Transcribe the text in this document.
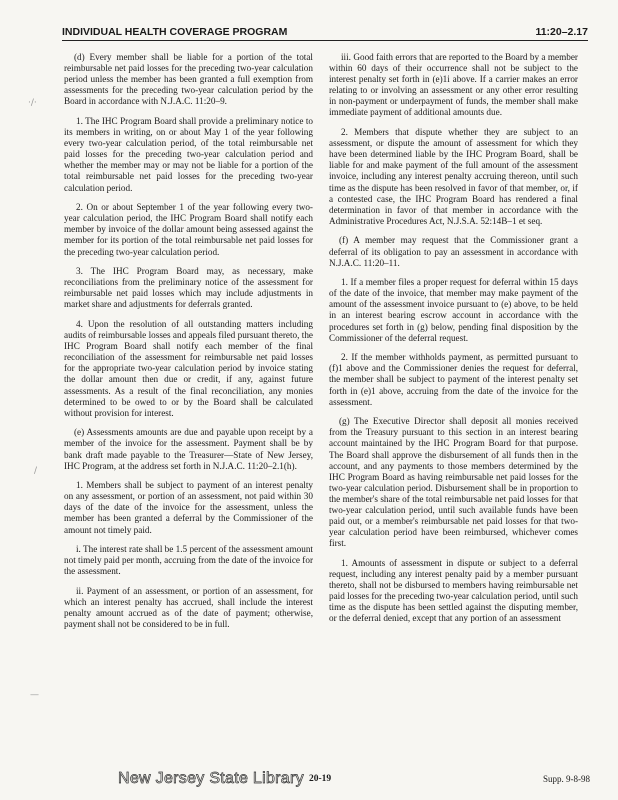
INDIVIDUAL HEALTH COVERAGE PROGRAM	11:20–2.17
·∕·
∕
—

(d) Every member shall be liable for a portion of the total reimbursable net paid losses for the preceding two-year calculation period unless the member has been granted a full exemption from assessments for the preceding two-year calculation period by the Board in accordance with N.J.A.C. 11:20–9.

1. The IHC Program Board shall provide a preliminary notice to its members in writing, on or about May 1 of the year following every two-year calculation period, of the total reimbursable net paid losses for the preceding two-year calculation period and whether the member may or may not be liable for a portion of the total reimbursable net paid losses for the preceding two-year calculation period.

2. On or about September 1 of the year following every two-year calculation period, the IHC Program Board shall notify each member by invoice of the dollar amount being assessed against the member for its portion of the total reimbursable net paid losses for the preceding two-year calculation period.

3. The IHC Program Board may, as necessary, make reconciliations from the preliminary notice of the assessment for reimbursable net paid losses which may include adjustments in market share and adjustments for deferrals granted.

4. Upon the resolution of all outstanding matters including audits of reimbursable losses and appeals filed pursuant thereto, the IHC Program Board shall notify each member of the final reconciliation of the assessment for reimbursable net paid losses for the appropriate two-year calculation period by invoice stating the dollar amount then due or credit, if any, against future assessments. As a result of the final reconciliation, any monies determined to be owed to or by the Board shall be calculated without provision for interest.

(e) Assessments amounts are due and payable upon receipt by a member of the invoice for the assessment. Payment shall be by bank draft made payable to the Treasurer—State of New Jersey, IHC Program, at the address set forth in N.J.A.C. 11:20–2.1(h).

1. Members shall be subject to payment of an interest penalty on any assessment, or portion of an assessment, not paid within 30 days of the date of the invoice for the assessment, unless the member has been granted a deferral by the Commissioner of the amount not timely paid.

i. The interest rate shall be 1.5 percent of the assessment amount not timely paid per month, accruing from the date of the invoice for the assessment.

ii. Payment of an assessment, or portion of an assessment, for which an interest penalty has accrued, shall include the interest penalty amount accrued as of the date of payment; otherwise, payment shall not be considered to be in full.

iii. Good faith errors that are reported to the Board by a member within 60 days of their occurrence shall not be subject to the interest penalty set forth in (e)1i above. If a carrier makes an error relating to or involving an assessment or any other error resulting in non-payment or underpayment of funds, the member shall make immediate payment of additional amounts due.

2. Members that dispute whether they are subject to an assessment, or dispute the amount of assessment for which they have been determined liable by the IHC Program Board, shall be liable for and make payment of the full amount of the assessment invoice, including any interest penalty accruing thereon, until such time as the dispute has been resolved in favor of that member, or, if a contested case, the IHC Program Board has rendered a final determination in favor of that member in accordance with the Administrative Procedures Act, N.J.S.A. 52:14B–1 et seq.

(f) A member may request that the Commissioner grant a deferral of its obligation to pay an assessment in accordance with N.J.A.C. 11:20–11.

1. If a member files a proper request for deferral within 15 days of the date of the invoice, that member may make payment of the amount of the assessment invoice pursuant to (e) above, to be held in an interest bearing escrow account in accordance with the procedures set forth in (g) below, pending final disposition by the Commissioner of the deferral request.

2. If the member withholds payment, as permitted pursuant to (f)1 above and the Commissioner denies the request for deferral, the member shall be subject to payment of the interest penalty set forth in (e)1 above, accruing from the date of the invoice for the assessment.

(g) The Executive Director shall deposit all monies received from the Treasury pursuant to this section in an interest bearing account maintained by the IHC Program Board for that purpose. The Board shall approve the disbursement of all funds then in the account, and any payments to those members determined by the IHC Program Board as having reimbursable net paid losses for the two-year calculation period. Disbursement shall be in proportion to the member's share of the total reimbursable net paid losses for that two-year calculation period, until such available funds have been paid out, or a member's reimbursable net paid losses for that two-year calculation period have been reimbursed, whichever comes first.

1. Amounts of assessment in dispute or subject to a deferral request, including any interest penalty paid by a member pursuant thereto, shall not be disbursed to members having reimbursable net paid losses for the preceding two-year calculation period, until such time as the dispute has been settled against the disputing member, or the deferral denied, except that any portion of an assessment

New Jersey State Library 20-19	Supp. 9-8-98
